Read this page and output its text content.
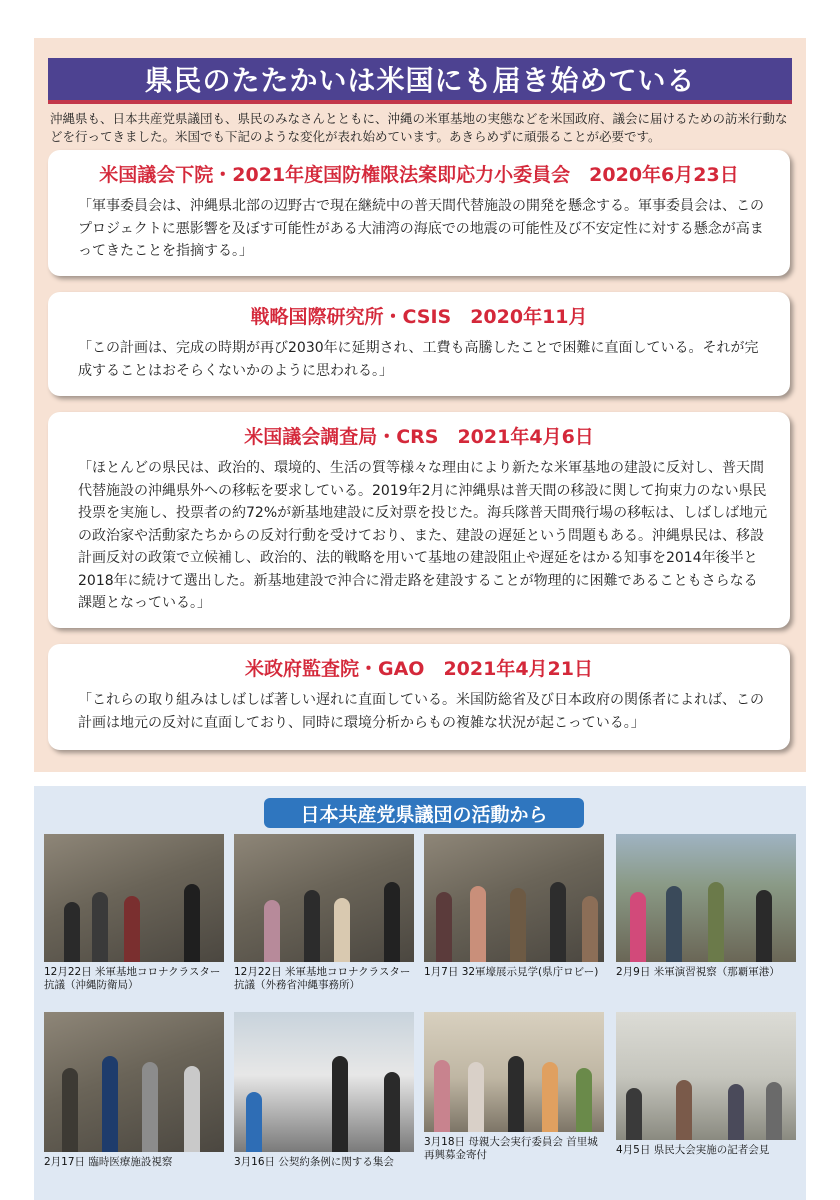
県民のたたかいは米国にも届き始めている
沖縄県も、日本共産党県議団も、県民のみなさんとともに、沖縄の米軍基地の実態などを米国政府、議会に届けるための訪米行動などを行ってきました。米国でも下記のような変化が表れ始めています。あきらめずに頑張ることが必要です。
米国議会下院・2021年度国防権限法案即応力小委員会　2020年6月23日
「軍事委員会は、沖縄県北部の辺野古で現在継続中の普天間代替施設の開発を懸念する。軍事委員会は、このプロジェクトに悪影響を及ぼす可能性がある大浦湾の海底での地震の可能性及び不安定性に対する懸念が高まってきたことを指摘する。」
戦略国際研究所・CSIS　2020年11月
「この計画は、完成の時期が再び2030年に延期され、工費も高騰したことで困難に直面している。それが完成することはおそらくないかのように思われる。」
米国議会調査局・CRS　2021年4月6日
「ほとんどの県民は、政治的、環境的、生活の質等様々な理由により新たな米軍基地の建設に反対し、普天間代替施設の沖縄県外への移転を要求している。2019年2月に沖縄県は普天間の移設に関して拘束力のない県民投票を実施し、投票者の約72%が新基地建設に反対票を投じた。海兵隊普天間飛行場の移転は、しばしば地元の政治家や活動家たちからの反対行動を受けており、また、建設の遅延という問題もある。沖縄県民は、移設計画反対の政策で立候補し、政治的、法的戦略を用いて基地の建設阻止や遅延をはかる知事を2014年後半と2018年に続けて選出した。新基地建設で沖合に滑走路を建設することが物理的に困難であることもさらなる課題となっている。」
米政府監査院・GAO　2021年4月21日
「これらの取り組みはしばしば著しい遅れに直面している。米国防総省及び日本政府の関係者によれば、この計画は地元の反対に直面しており、同時に環境分析からもの複雑な状況が起こっている。」
日本共産党県議団の活動から
12月22日 米軍基地コロナクラスター抗議（沖縄防衛局）
12月22日 米軍基地コロナクラスター抗議（外務省沖縄事務所）
1月7日 32軍壕展示見学(県庁ロビー)	2月9日 米軍演習視察（那覇軍港）
2月17日 臨時医療施設視察	3月16日 公契約条例に関する集会
3月18日 母親大会実行委員会 首里城再興募金寄付	4月5日 県民大会実施の記者会見
